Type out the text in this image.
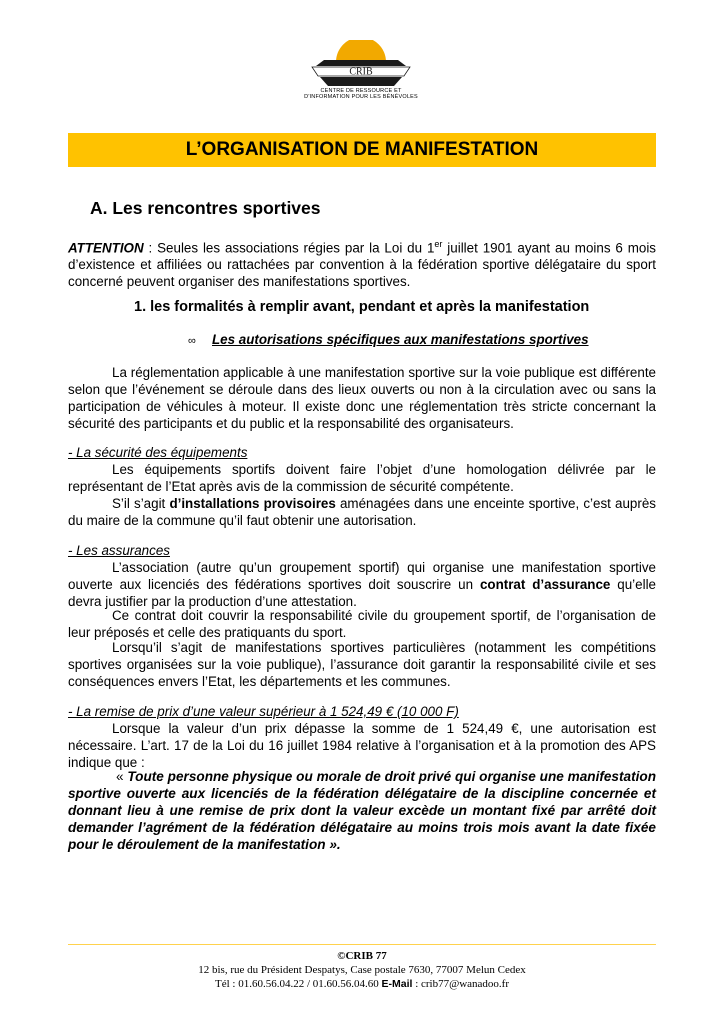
CRIB
CENTRE DE RESSOURCE ET
D'INFORMATION POUR LES BÉNÉVOLES
L’ORGANISATION DE MANIFESTATION
A. Les rencontres sportives
ATTENTION : Seules les associations régies par la Loi du 1er juillet 1901 ayant au moins 6 mois d’existence et affiliées ou rattachées par convention à la fédération sportive délégataire du sport concerné peuvent organiser des manifestations sportives.
1. les formalités à remplir avant, pendant et après la manifestation
∞ Les autorisations spécifiques aux manifestations sportives
La réglementation applicable à une manifestation sportive sur la voie publique est différente selon que l’événement se déroule dans des lieux ouverts ou non à la circulation avec ou sans la participation de véhicules à moteur. Il existe donc une réglementation très stricte concernant la sécurité des participants et du public et la responsabilité des organisateurs.
- La sécurité des équipements
Les équipements sportifs doivent faire l’objet d’une homologation délivrée par le représentant de l’Etat après avis de la commission de sécurité compétente.
S’il s’agit d’installations provisoires aménagées dans une enceinte sportive, c’est auprès du maire de la commune qu’il faut obtenir une autorisation.
- Les assurances
L’association (autre qu’un groupement sportif) qui organise une manifestation sportive ouverte aux licenciés des fédérations sportives doit souscrire un contrat d’assurance qu’elle devra justifier par la production d’une attestation.
Ce contrat doit couvrir la responsabilité civile du groupement sportif, de l’organisation de leur préposés et celle des pratiquants du sport.
Lorsqu’il s’agit de manifestations sportives particulières (notamment les compétitions sportives organisées sur la voie publique), l’assurance doit garantir la responsabilité civile et ses conséquences envers l’Etat, les départements et les communes.
- La remise de prix d’une valeur supérieur à 1 524,49 € (10 000 F)
Lorsque la valeur d’un prix dépasse la somme de 1 524,49 €, une autorisation est nécessaire. L’art. 17 de la Loi du 16 juillet 1984 relative à l’organisation et à la promotion des APS indique que :
« Toute personne physique ou morale de droit privé qui organise une manifestation sportive ouverte aux licenciés de la fédération délégataire de la discipline concernée et donnant lieu à une remise de prix dont la valeur excède un montant fixé par arrêté doit demander l’agrément de la fédération délégataire au moins trois mois avant la date fixée pour le déroulement de la manifestation ».
©CRIB 77
12 bis, rue du Président Despatys, Case postale 7630, 77007 Melun Cedex
Tél : 01.60.56.04.22 / 01.60.56.04.60 E-Mail : crib77@wanadoo.fr
